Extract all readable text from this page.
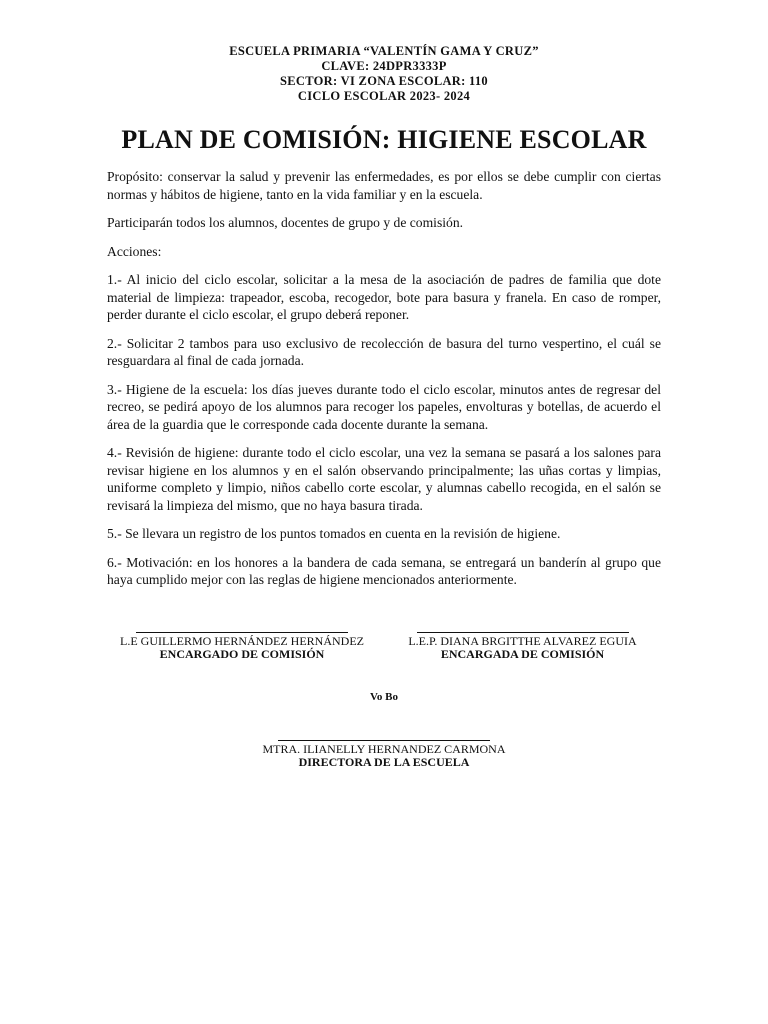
ESCUELA PRIMARIA “VALENTÍN GAMA Y CRUZ”
CLAVE: 24DPR3333P
SECTOR: VI ZONA ESCOLAR: 110
CICLO ESCOLAR 2023- 2024
PLAN DE COMISIÓN: HIGIENE ESCOLAR

Propósito: conservar la salud y prevenir las enfermedades, es por ellos se debe cumplir con ciertas normas y hábitos de higiene, tanto en la vida familiar y en la escuela.

Participarán todos los alumnos, docentes de grupo y de comisión.

Acciones:

1.- Al inicio del ciclo escolar, solicitar a la mesa de la asociación de padres de familia que dote material de limpieza: trapeador, escoba, recogedor, bote para basura y franela. En caso de romper, perder durante el ciclo escolar, el grupo deberá reponer.

2.- Solicitar 2 tambos para uso exclusivo de recolección de basura del turno vespertino, el cuál se resguardara al final de cada jornada.

3.- Higiene de la escuela: los días jueves durante todo el ciclo escolar, minutos antes de regresar del recreo, se pedirá apoyo de los alumnos para recoger los papeles, envolturas y botellas, de acuerdo el área de la guardia que le corresponde cada docente durante la semana.

4.- Revisión de higiene: durante todo el ciclo escolar, una vez la semana se pasará a los salones para revisar higiene en los alumnos y en el salón observando principalmente; las uñas cortas y limpias, uniforme completo y limpio, niños cabello corte escolar, y alumnas cabello recogida, en el salón se revisará la limpieza del mismo, que no haya basura tirada.

5.- Se llevara un registro de los puntos tomados en cuenta en la revisión de higiene.

6.- Motivación: en los honores a la bandera de cada semana, se entregará un banderín al grupo que haya cumplido mejor con las reglas de higiene mencionados anteriormente.

L.E GUILLERMO HERNÁNDEZ HERNÁNDEZ
ENCARGADO DE COMISIÓN
L.E.P. DIANA BRGITTHE ALVAREZ EGUIA
ENCARGADA DE COMISIÓN
Vo Bo
MTRA. ILIANELLY HERNANDEZ CARMONA
DIRECTORA DE LA ESCUELA
